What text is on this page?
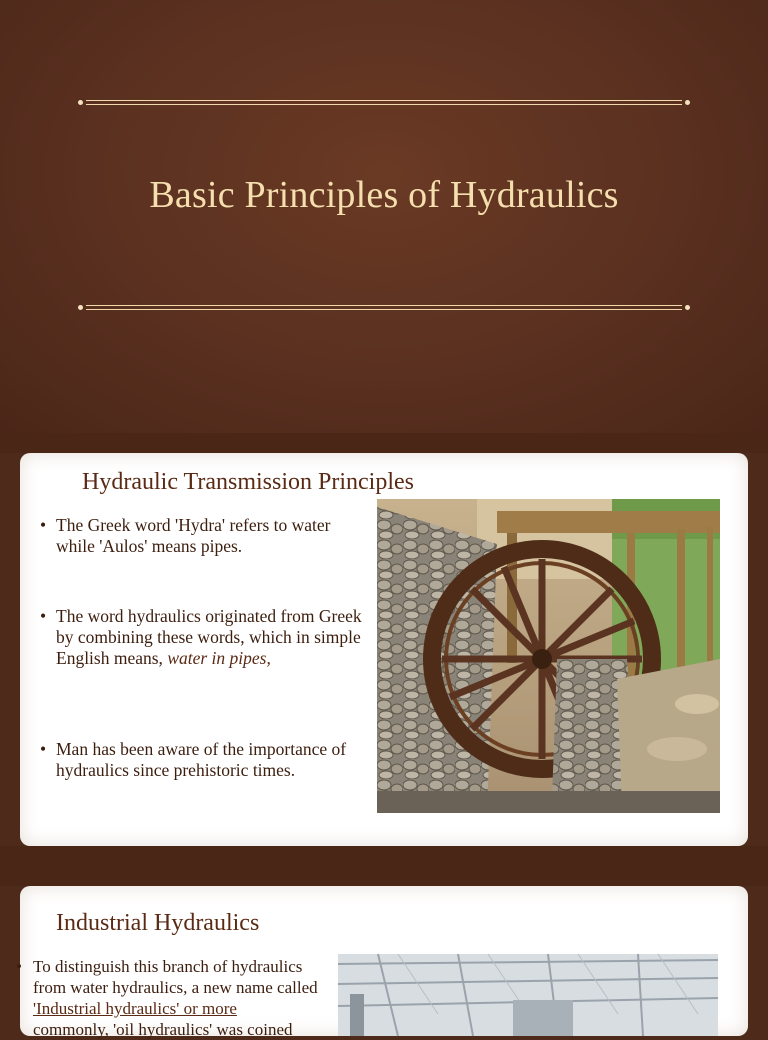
Basic Principles of Hydraulics
Hydraulic Transmission Principles
• The Greek word 'Hydra' refers to water while 'Aulos' means pipes.
• The word hydraulics originated from Greek by combining these words, which in simple English means, water in pipes,
• Man has been aware of the importance of hydraulics since prehistoric times.
Industrial Hydraulics
• To distinguish this branch of hydraulics from water hydraulics, a new name called 'Industrial hydraulics' or more
commonly, 'oil hydraulics' was coined
